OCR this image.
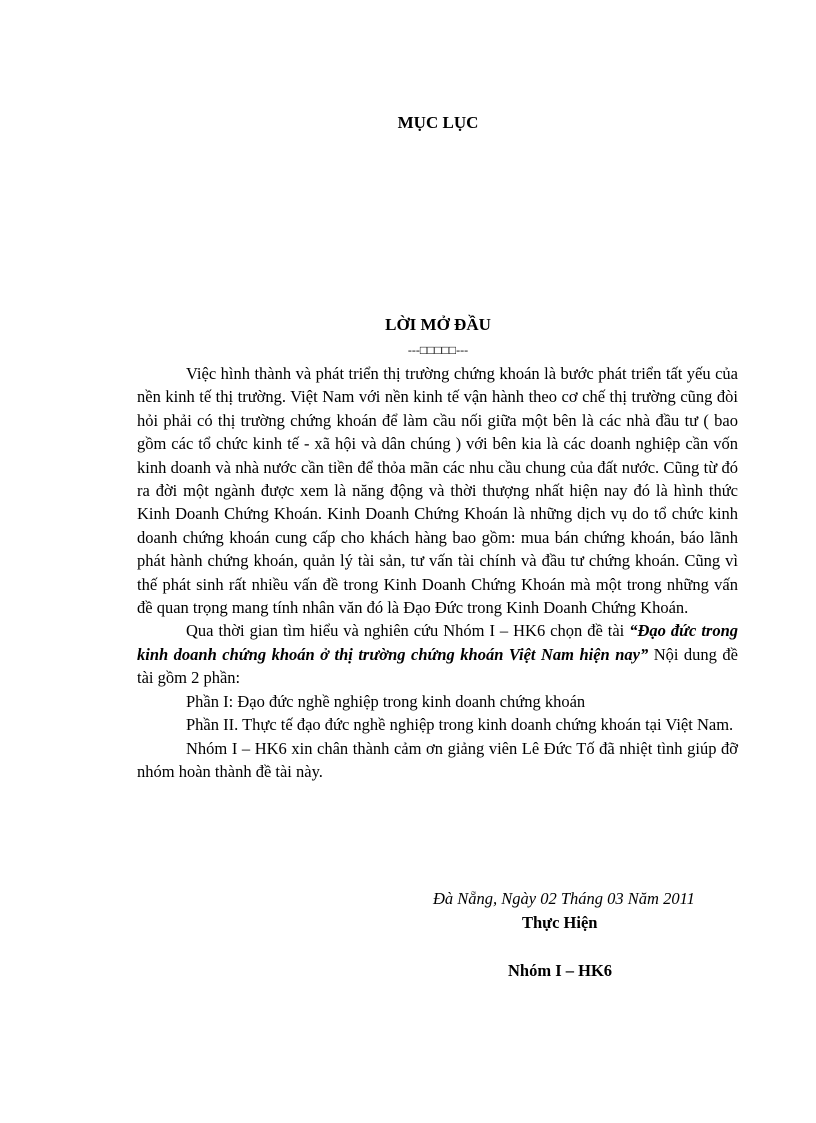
MỤC LỤC
LỜI MỞ ĐẦU
---□□□□□---

Việc hình thành và phát triển thị trường chứng khoán là bước phát triển tất yếu của nền kinh tế thị trường. Việt Nam với nền kinh tế vận hành theo cơ chế thị trường cũng đòi hỏi phải có thị trường chứng khoán để làm cầu nối giữa một bên là các nhà đầu tư ( bao gồm các tổ chức kinh tế - xã hội và dân chúng ) với bên kia là các doanh nghiệp cần vốn kinh doanh và nhà nước cần tiền để thỏa mãn các nhu cầu chung của đất nước. Cũng từ đó ra đời một ngành được xem là năng động và thời thượng nhất hiện nay đó là hình thức Kinh Doanh Chứng Khoán. Kinh Doanh Chứng Khoán là những dịch vụ do tổ chức kinh doanh chứng khoán cung cấp cho khách hàng bao gồm: mua bán chứng khoán, báo lãnh phát hành chứng khoán, quản lý tài sản, tư vấn tài chính và đầu tư chứng khoán. Cũng vì thế phát sinh rất nhiều vấn đề trong Kinh Doanh Chứng Khoán mà một trong những vấn đề quan trọng mang tính nhân văn đó là Đạo Đức trong Kinh Doanh Chứng Khoán.

Qua thời gian tìm hiểu và nghiên cứu Nhóm I – HK6 chọn đề tài “Đạo đức trong kinh doanh chứng khoán ở thị trường chứng khoán Việt Nam hiện nay” Nội dung đề tài gồm 2 phần:

Phần I: Đạo đức nghề nghiệp trong kinh doanh chứng khoán

Phần II. Thực tế đạo đức nghề nghiệp trong kinh doanh chứng khoán tại Việt Nam.

Nhóm I – HK6 xin chân thành cảm ơn giảng viên Lê Đức Tố đã nhiệt tình giúp đỡ nhóm hoàn thành đề tài này.

Đà Nẵng, Ngày 02 Tháng 03 Năm 2011
Thực Hiện
Nhóm I – HK6
